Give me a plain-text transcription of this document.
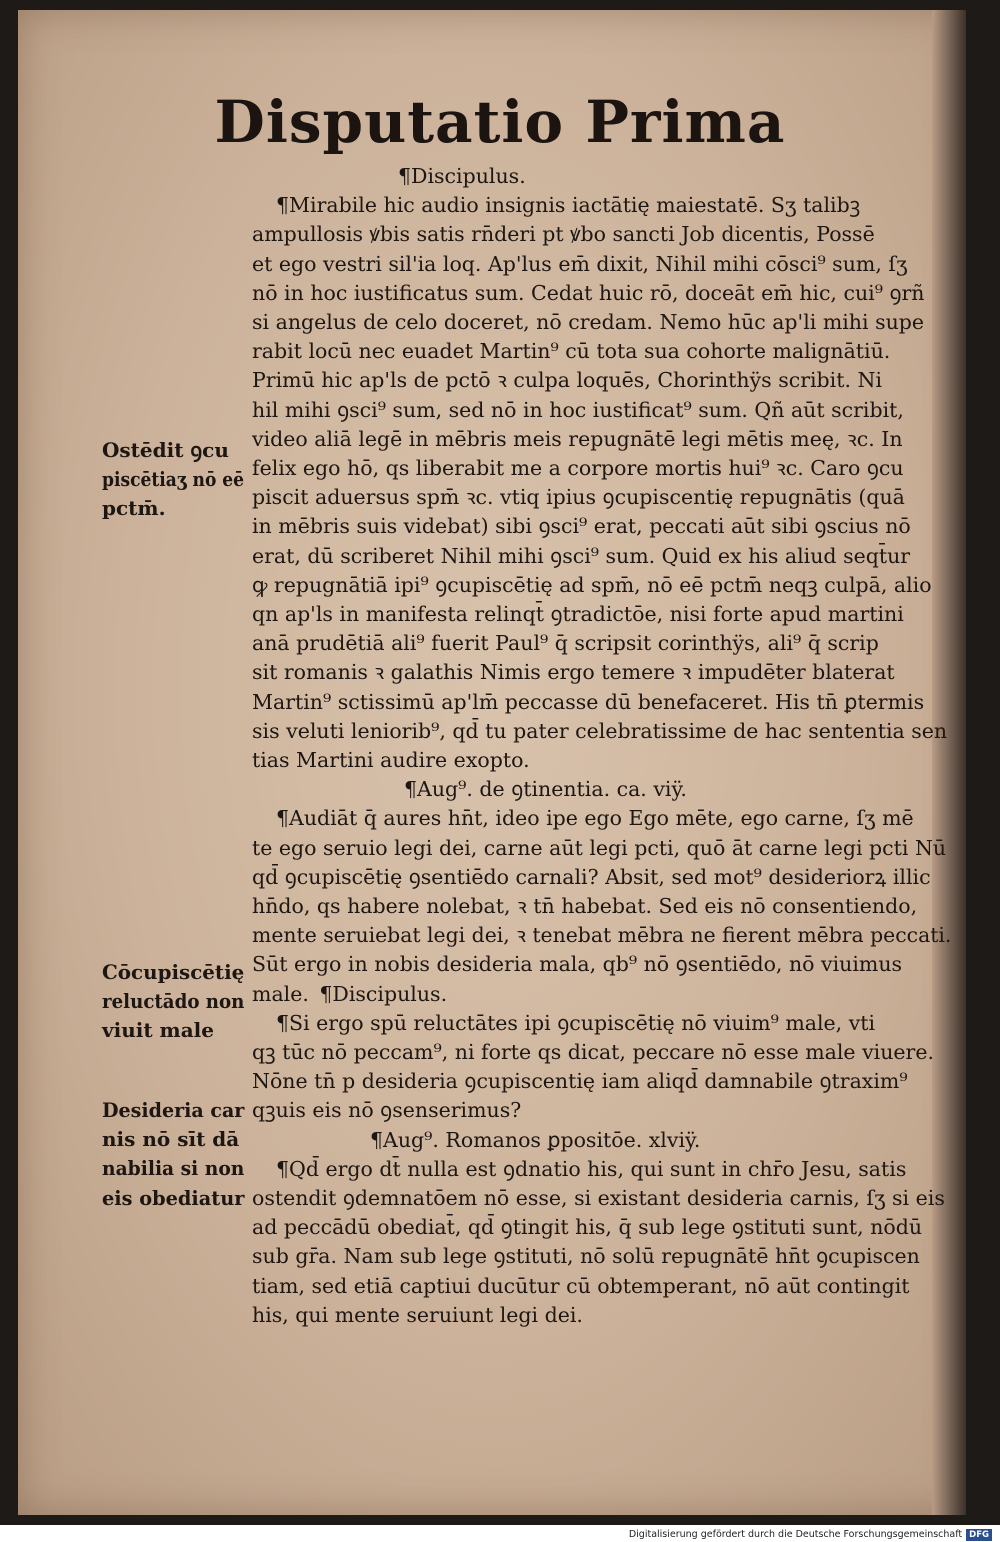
Disputatio Prima
¶Discipulus.
¶Mirabile hic audio insignis iactātię maiestatē. Sʒ talibꝫ
ampullosis ꝟbis satis rn̄deri pt ꝟbo sancti Job dicentis, Possē
et ego vestri sil'ia loq. Ap'lus em̄ dixit, Nihil mihi cōsci⁹ sum, ſʒ
nō in hoc iustificatus sum. Cedat huic rō, doceāt em̄ hic, cui⁹ ꝯrñ
si angelus de celo doceret, nō credam. Nemo hūc ap'li mihi supe
rabit locū nec euadet Martin⁹ cū tota sua cohorte malignātiū.
Primū hic ap'ls de pctō ꝛ culpa loquēs, Chorinthÿs scribit. Ni
hil mihi ꝯsci⁹ sum, sed nō in hoc iustificat⁹ sum. Qñ aūt scribit,
video aliā legē in mēbris meis repugnātē legi mētis meę, ꝛc. In
felix ego hō, qs liberabit me a corpore mortis hui⁹ ꝛc. Caro ꝯcu
piscit aduersus spm̄ ꝛc. vtiq ipius ꝯcupiscentię repugnātis (quā
in mēbris suis videbat) sibi ꝯsci⁹ erat, peccati aūt sibi ꝯscius nō
erat, dū scriberet Nihil mihi ꝯsci⁹ sum. Quid ex his aliud seqt̄ur
ꝙ repugnātiā ipi⁹ ꝯcupiscētię ad spm̄, nō eē pctm̄ neqꝫ culpā, alio
qn ap'ls in manifesta relinqt̄ ꝯtradictōe, nisi forte apud martini
anā prudētiā ali⁹ fuerit Paul⁹ q̄ scripsit corinthÿs, ali⁹ q̄ scrip
sit romanis ꝛ galathis Nimis ergo temere ꝛ impudēter blaterat
Martin⁹ sctissimū ap'lm̄ peccasse dū benefaceret. His tn̄ ꝑtermis
sis veluti leniorib⁹, qd̄ tu pater celebratissime de hac sententia sen
tias Martini audire exopto.
¶Aug⁹. de ꝯtinentia. ca. viÿ.
¶Audiāt q̄ aures hn̄t, ideo ipe ego Ego mēte, ego carne, ſʒ mē
te ego seruio legi dei, carne aūt legi pcti, quō āt carne legi pcti Nū
qd̄ ꝯcupiscētię ꝯsentiēdo carnali? Absit, sed mot⁹ desideriorꝝ illic
hn̄do, qs habere nolebat, ꝛ tn̄ habebat. Sed eis nō consentiendo,
mente seruiebat legi dei, ꝛ tenebat mēbra ne fierent mēbra peccati.
Sūt ergo in nobis desideria mala, qb⁹ nō ꝯsentiēdo, nō viuimus
male. ¶Discipulus.
¶Si ergo spū reluctātes ipi ꝯcupiscētię nō viuim⁹ male, vti
qꝫ tūc nō peccam⁹, ni forte qs dicat, peccare nō esse male viuere.
Nōne tn̄ p desideria ꝯcupiscentię iam aliqd̄ damnabile ꝯtraxim⁹
qꝫuis eis nō ꝯsenserimus?
¶Aug⁹. Romanos ꝑpositōe. xlviÿ.
¶Qd̄ ergo dt̄ nulla est ꝯdnatio his, qui sunt in chr̄o Jesu, satis
ostendit ꝯdemnatōem nō esse, si existant desideria carnis, ſʒ si eis
ad peccādū obediat̄, qd̄ ꝯtingit his, q̄ sub lege ꝯstituti sunt, nōdū
sub gr̄a. Nam sub lege ꝯstituti, nō solū repugnātē hn̄t ꝯcupiscen
tiam, sed etiā captiui ducūtur cū obtemperant, nō aūt contingit
his, qui mente seruiunt legi dei.
Ostēdit ꝯcu
piscētiaʒ nō eē
pctm̄.
Cōcupiscētię
reluctādo non
viuit male
Desideria car
nis nō sīt dā
nabilia si non
eis obediatur
Digitalisierung gefördert durch die Deutsche Forschungsgemeinschaft DFG
